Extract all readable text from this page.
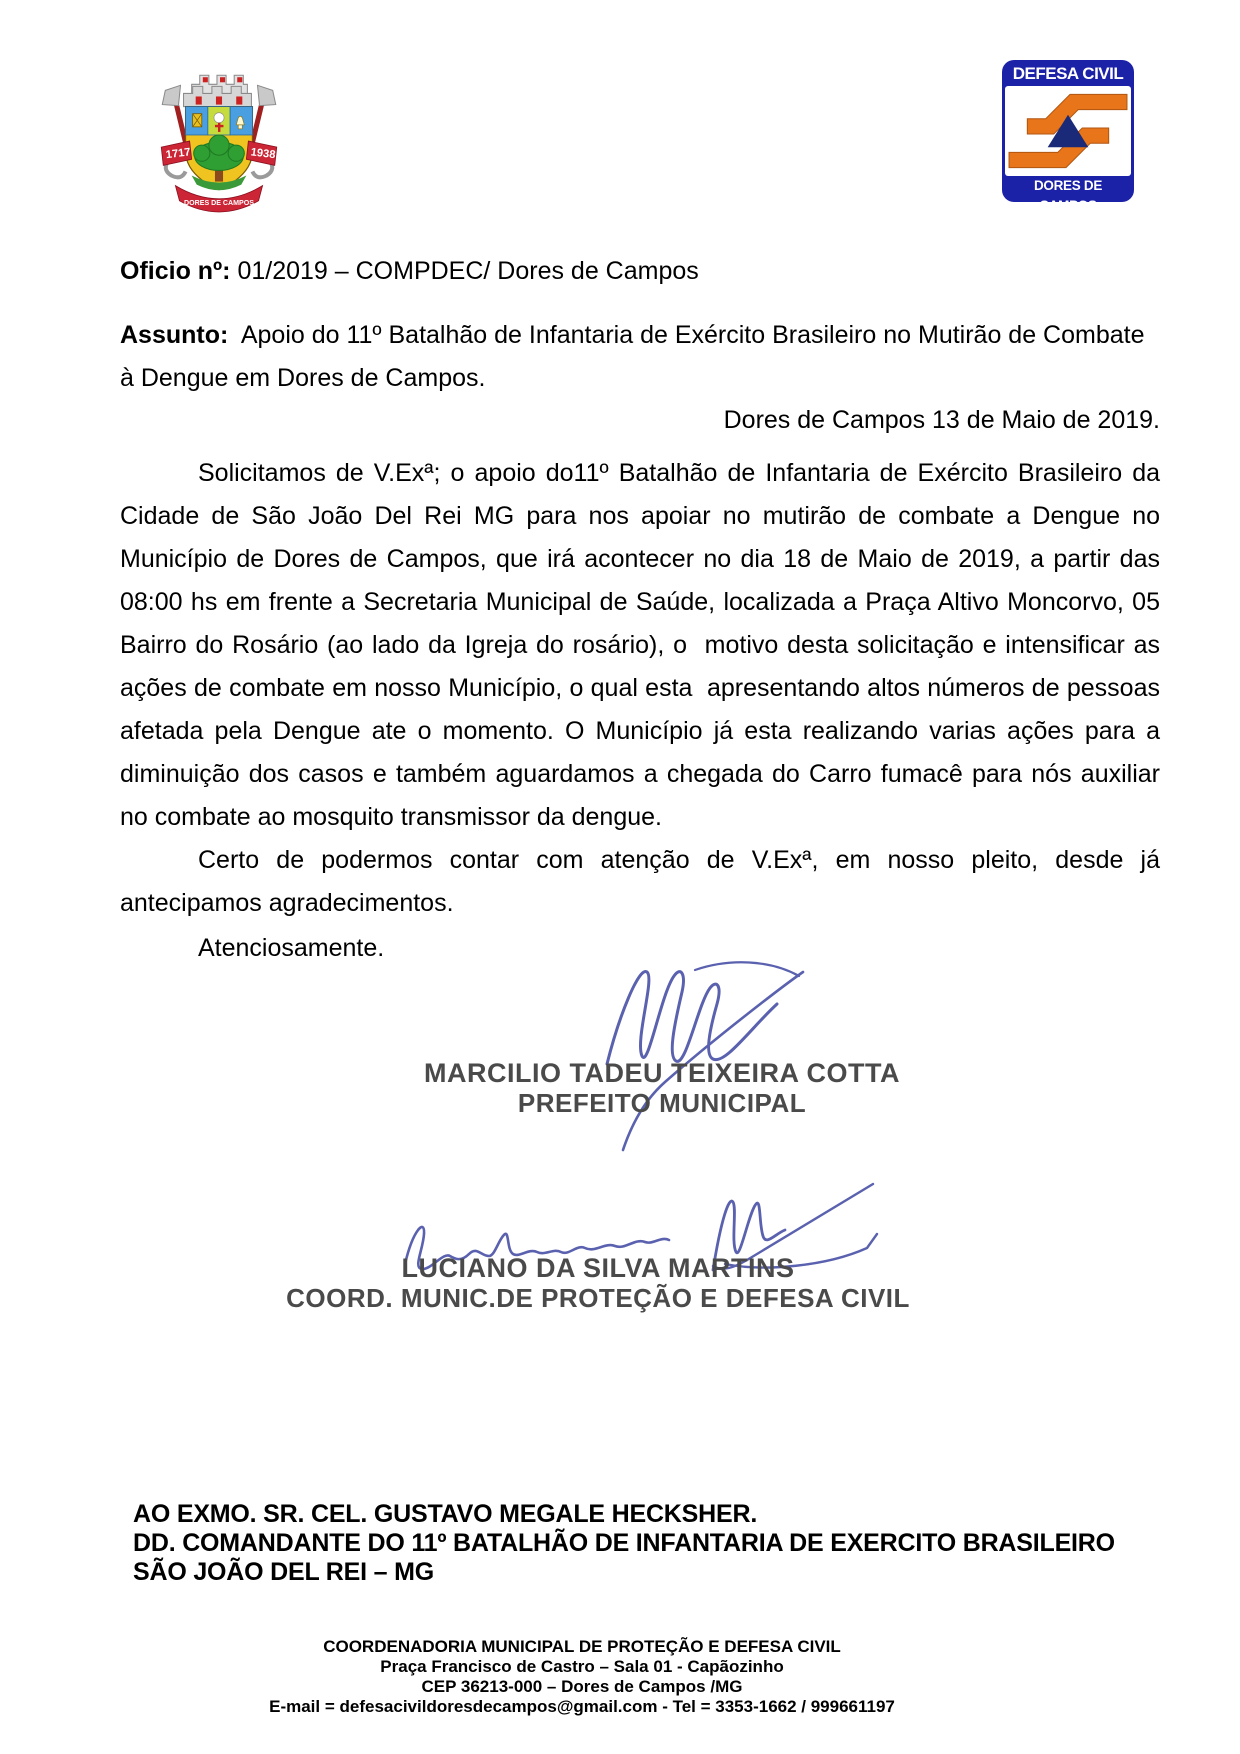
1717	1938
DORES DE CAMPOS
DEFESA CIVIL
DORES DE CAMPOS

Oficio nº: 01/2019 – COMPDEC/ Dores de Campos

Assunto:  Apoio do 11º Batalhão de Infantaria de Exército Brasileiro no Mutirão de Combate à Dengue em Dores de Campos.

Dores de Campos 13 de Maio de 2019.

Solicitamos de V.Exª; o apoio do11º Batalhão de Infantaria de Exército Brasileiro da Cidade de São João Del Rei MG para nos apoiar no mutirão de combate a Dengue no Município de Dores de Campos, que irá acontecer no dia 18 de Maio de 2019, a partir das 08:00 hs em frente a Secretaria Municipal de Saúde, localizada a Praça Altivo Moncorvo, 05 Bairro do Rosário (ao lado da Igreja do rosário), o  motivo desta solicitação e intensificar as ações de combate em nosso Município, o qual esta  apresentando altos números de pessoas afetada pela Dengue ate o momento. O Município já esta realizando varias ações para a diminuição dos casos e também aguardamos a chegada do Carro fumacê para nós auxiliar no combate ao mosquito transmissor da dengue.

Certo de podermos contar com atenção de V.Exª, em nosso pleito, desde já antecipamos agradecimentos.

Atenciosamente.

MARCILIO TADEU TEIXEIRA COTTA
PREFEITO MUNICIPAL
LUCIANO DA SILVA MARTINS
COORD. MUNIC.DE PROTEÇÃO E DEFESA CIVIL
AO EXMO. SR. CEL. GUSTAVO MEGALE HECKSHER.
DD. COMANDANTE DO 11º BATALHÃO DE INFANTARIA DE EXERCITO BRASILEIRO
SÃO JOÃO DEL REI – MG
COORDENADORIA MUNICIPAL DE PROTEÇÃO E DEFESA CIVIL
Praça Francisco de Castro – Sala 01 - Capãozinho
CEP 36213-000 – Dores de Campos /MG
E-mail = defesacivildoresdecampos@gmail.com - Tel = 3353-1662 / 999661197
